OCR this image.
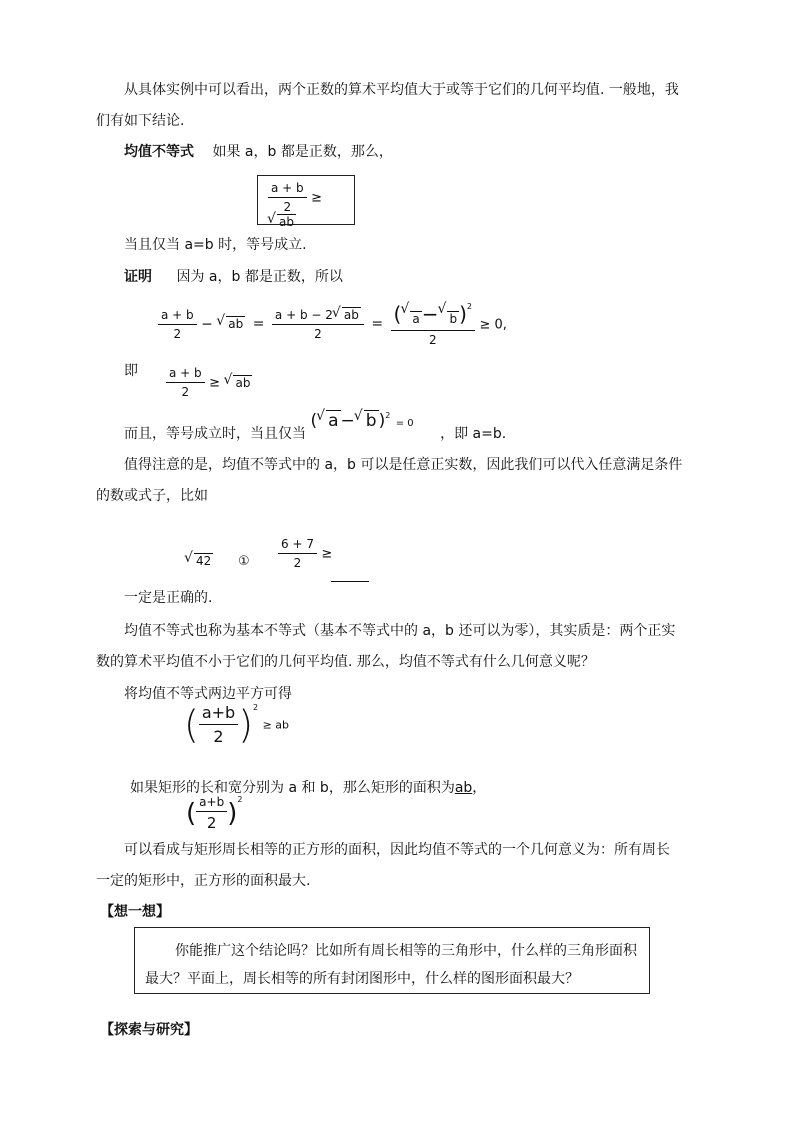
从具体实例中可以看出，两个正数的算术平均值大于或等于它们的几何平均值. 一般地，我
们有如下结论.
均值不等式 如果 a，b 都是正数，那么，
$\frac{a + b}{2}$ ≥ √ ab
当且仅当 a=b 时，等号成立.
证明 因为 a，b 都是正数，所以
$\frac{a + b}{2}$ − √ ab = $\frac{a + b - 2 √ ab}{2} = \frac{( √ a - √ b )^2}{2} \ge 0$,
即 $\frac{a + b}{2}$ ≥ √ ab
而且，等号成立时，当且仅当 ( √ a − √ b )$^2$ = 0 ，即 a=b.
值得注意的是，均值不等式中的 a，b 可以是任意正实数，因此我们可以代入任意满足条件
的数或式子，比如
√ 42 ① $\frac{6 + 7}{2}$ ≥
一定是正确的.
均值不等式也称为基本不等式（基本不等式中的 a，b 还可以为零），其实质是：两个正实
数的算术平均值不小于它们的几何平均值. 那么，均值不等式有什么几何意义呢？
将均值不等式两边平方可得
( $\frac{a+b}{2} )^2$ ≥ ab
如果矩形的长和宽分别为 a 和 b，那么矩形的面积为ab，
( $\frac{a+b}{2} )^2$
可以看成与矩形周长相等的正方形的面积，因此均值不等式的一个几何意义为：所有周长
一定的矩形中，正方形的面积最大.
【想一想】
你能推广这个结论吗？比如所有周长相等的三角形中，什么样的三角形面积
最大？平面上，周长相等的所有封闭图形中，什么样的图形面积最大？
【探索与研究】
